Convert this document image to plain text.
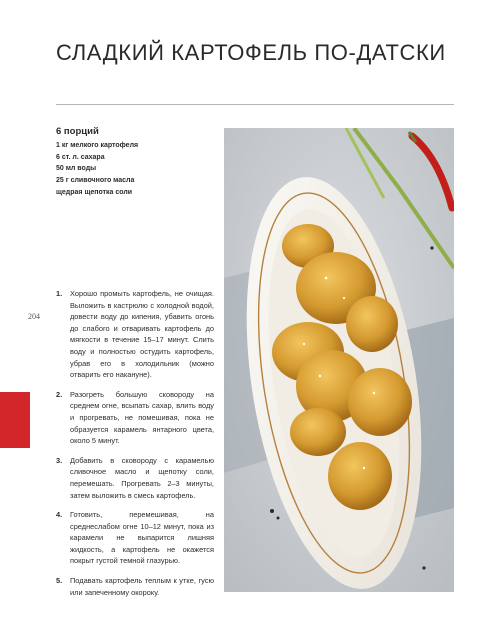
СЛАДКИЙ КАРТОФЕЛЬ ПО-ДАТСКИ
6 порций
1 кг мелкого картофеля
6 ст. л. сахара
50 мл воды
25 г сливочного масла
щедрая щепотка соли
204
1. Хорошо промыть картофель, не очищая. Выложить в кастрюлю с холодной водой, довести воду до кипения, убавить огонь до слабого и отваривать картофель до мягкости в течение 15–17 минут. Слить воду и полностью остудить картофель, убрав его в холодильник (можно отварить его накануне).
2. Разогреть большую сковороду на среднем огне, всыпать сахар, влить воду и прогревать, не помешивая, пока не образуется карамель янтарного цвета, около 5 минут.
3. Добавить в сковороду с карамелью сливочное масло и щепотку соли, перемешать. Прогревать 2–3 минуты, затем выложить в смесь картофель.
4. Готовить, перемешивая, на среднеслабом огне 10–12 минут, пока из карамели не выпарится лишняя жидкость, а картофель не окажется покрыт густой темной глазурью.
5. Подавать картофель теплым к утке, гусю или запеченному окороку.
